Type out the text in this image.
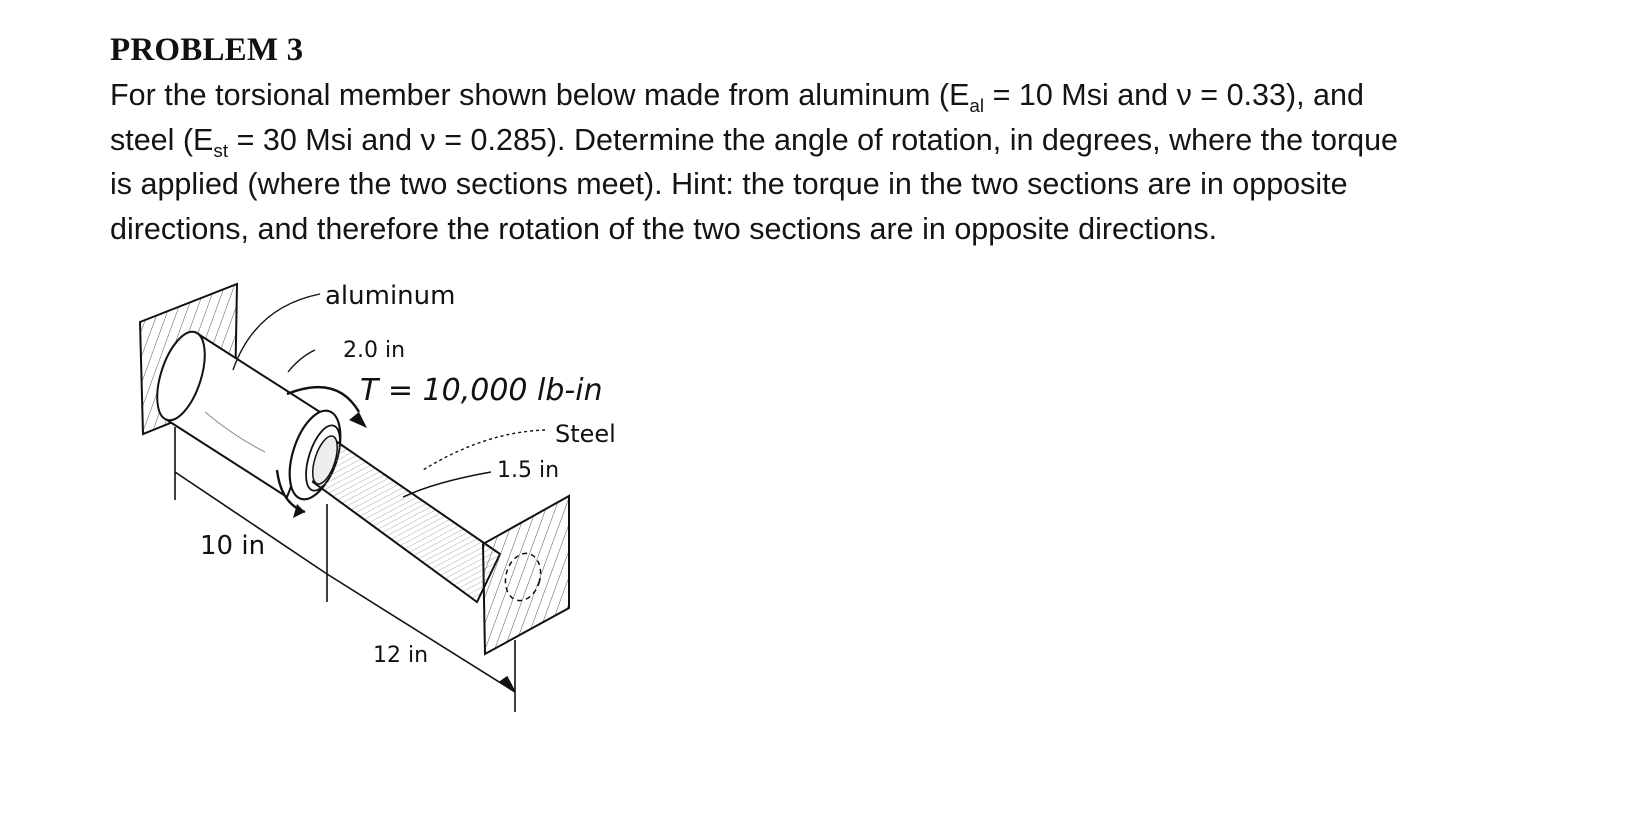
PROBLEM 3
For the torsional member shown below made from aluminum ($E_{al} = 10$ Msi and ν = 0.33), and
steel ($E_{st} = 30$ Msi and ν = 0.285). Determine the angle of rotation, in degrees, where the torque
is applied (where the two sections meet). Hint: the torque in the two sections are in opposite
directions, and therefore the rotation of the two sections are in opposite directions.
aluminum
2.0 in
T = 10,000 lb-in
Steel
1.5 in
10 in
12 in
